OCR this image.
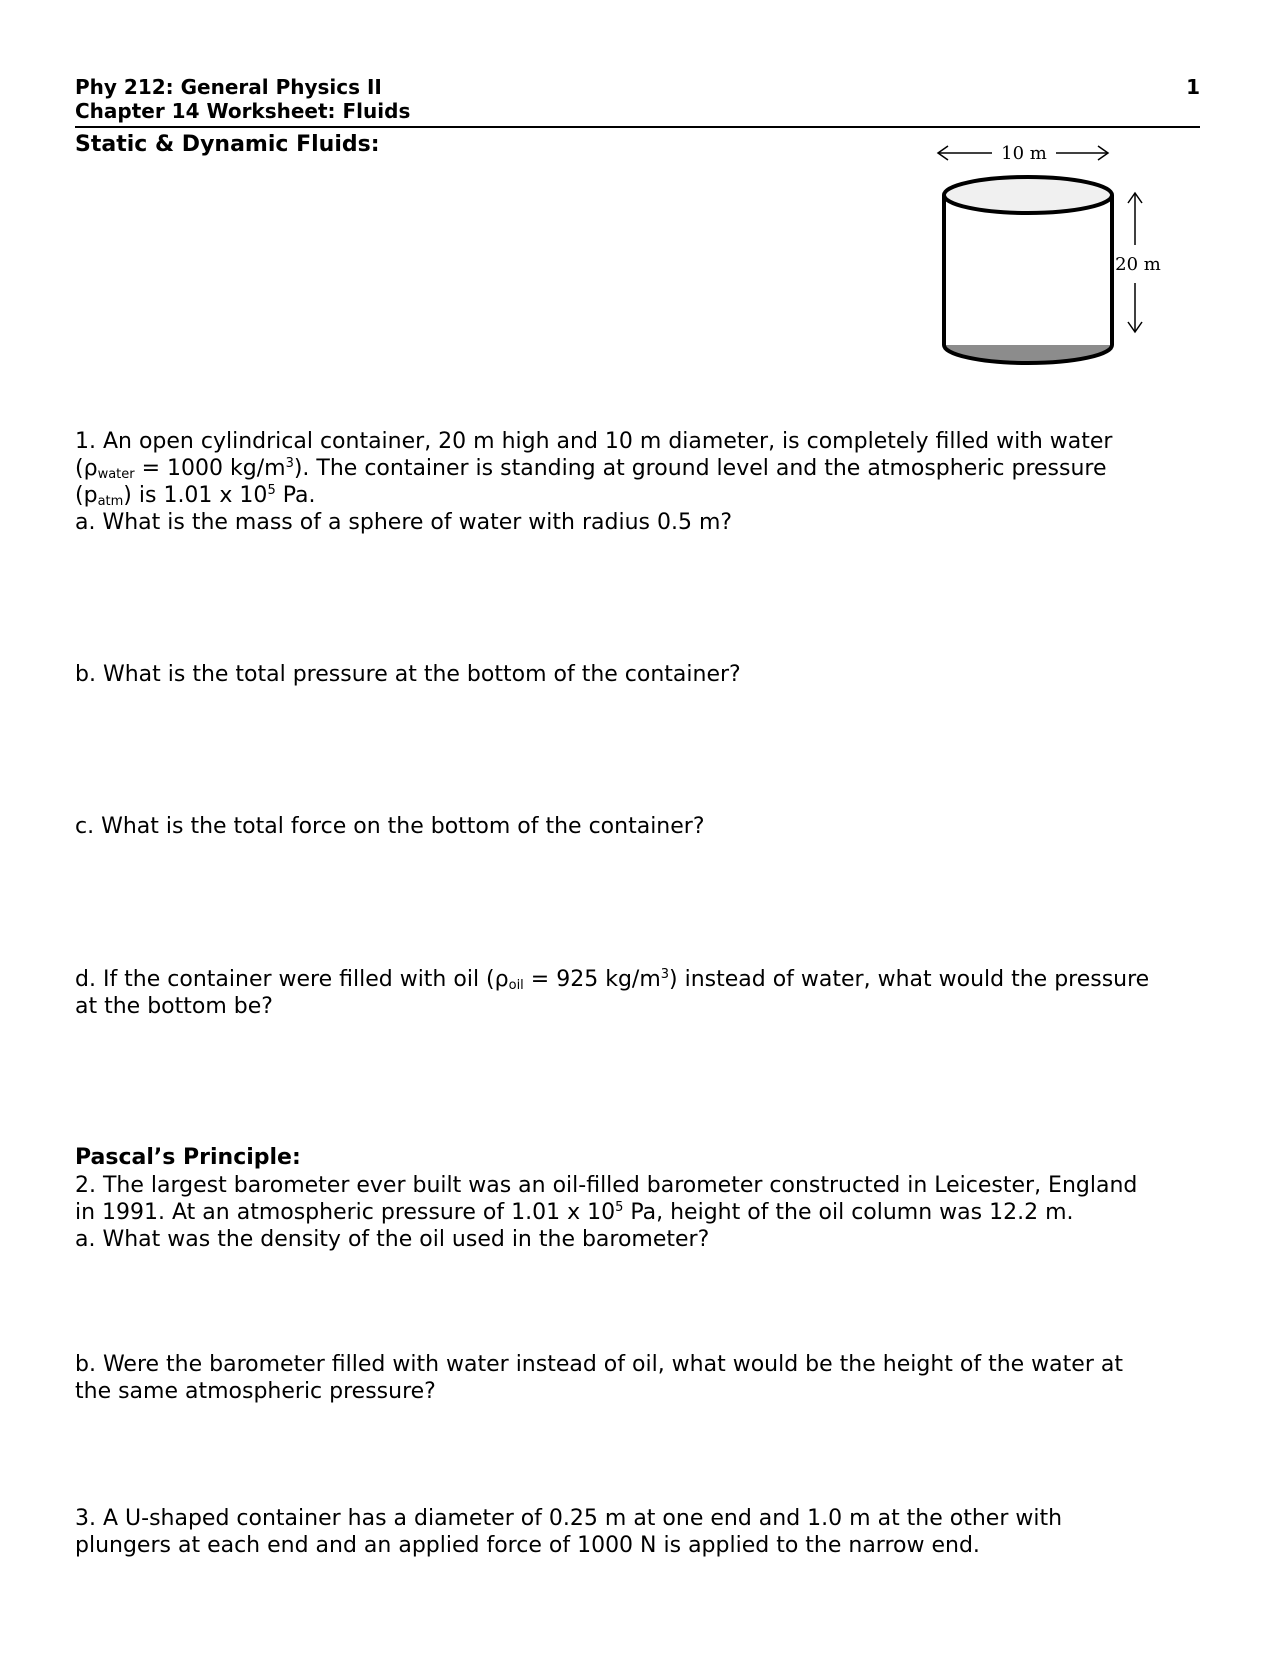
Phy 212: General Physics II
Chapter 14 Worksheet: Fluids
1
Static & Dynamic Fluids:	10 m
20 m
1. An open cylindrical container, 20 m high and 10 m diameter, is completely filled with water
($\rho_{water} = 1000$ $kg/m^3$). The container is standing at ground level and the atmospheric pressure
$(p_{atm})$ is 1.01 x $10^5$ Pa.
a. What is the mass of a sphere of water with radius 0.5 m?
b. What is the total pressure at the bottom of the container?
c. What is the total force on the bottom of the container?
d. If the container were filled with oil ($\rho_{oil} = 925$ $kg/m^3$) instead of water, what would the pressure
at the bottom be?
Pascal’s Principle:
2. The largest barometer ever built was an oil-filled barometer constructed in Leicester, England
in 1991. At an atmospheric pressure of 1.01 x $10^5$ Pa, height of the oil column was 12.2 m.
a. What was the density of the oil used in the barometer?
b. Were the barometer filled with water instead of oil, what would be the height of the water at
the same atmospheric pressure?
3. A U-shaped container has a diameter of 0.25 m at one end and 1.0 m at the other with
plungers at each end and an applied force of 1000 N is applied to the narrow end.
